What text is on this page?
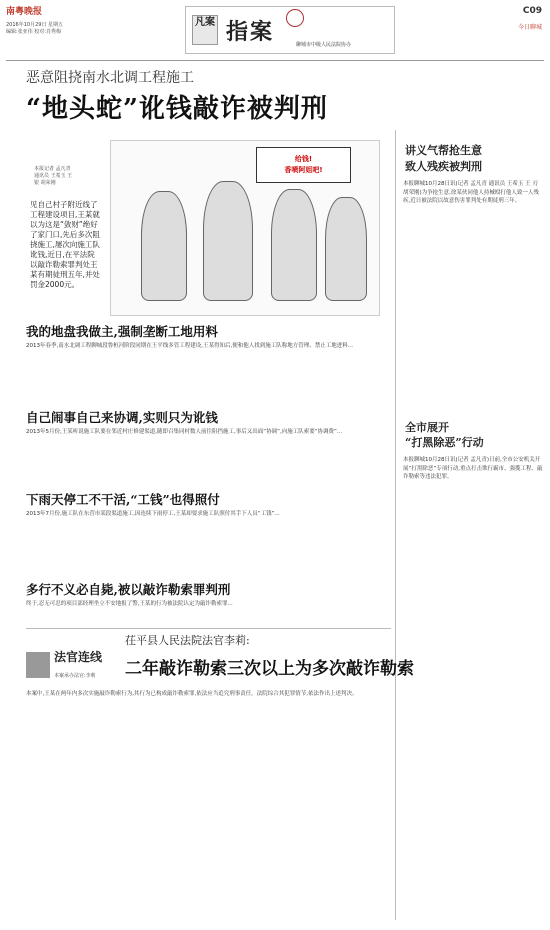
南粤晚报
2016年10月29日 星期五
编辑:张亚伟 校对:肖秀梅
凡案 指案	聊城市中级人民法院协办
C09
今日聊城
恶意阻挠南水北调工程施工
“地头蛇”讹钱敲诈被判刑
本报记者 孟凡青
通讯员 王希玉 王
银 胡荣刚
见自己村子附近线了工程建设项目,王某就以为这是“敛财”绝好了家门口,先后多次阻挠施工,屡次向施工队讹钱,近日,在平法院以敲诈勒索罪判处王某有期徒刑五年,并处罚金2000元。
给钱!
香喷阿姐吧!
讲义气帮抢生意
致人残疾被判刑
本报聊城10月28日讯(记者 孟凡青 通讯员 王希玉 王 刃 胡荣刚)为争抢生意,徐某伙同他人持械殴打他人致一人残疾,近日被法院以故意伤害罪判处有期徒刑三年。
全市展开
“打黑除恶”行动
本报聊城10月28日讯(记者 孟凡青)日前,全市公安机关开展“打黑除恶”专项行动,重点打击欺行霸市、强揽工程、敲诈勒索等违法犯罪。
我的地盘我做主,强制垄断工地用料
2013年春季,南水北调工程聊城段鲁桓河阶段同期在王平线多管工程建设,王某得知后,便和他人找到施工队称地方管理、禁止工地进料...
自己闹事自己来协调,实则只为讹钱
2013年5月份,王某听说施工队要在邻近村庄修建渠道,随即召集同村数人前往阻挡施工,事后又出面“协调”,向施工队索要“协调费”...
下雨天停工不干活,“工钱”也得照付
2013年7月份,施工队在东营市某段渠道施工,因连续下雨停工,王某却要求施工队照付其手下人员“工钱”...
多行不义必自毙,被以敲诈勒索罪判刑
终于,忍无可忍的项目部经理坐立不安地报了警,王某的行为被法院认定为敲诈勒索罪...
法官连线
本案承办法官:李莉
茌平县人民法院法官李莉:
二年敲诈勒索三次以上为多次敲诈勒索
本案中,王某在两年内多次实施敲诈勒索行为,其行为已构成敲诈勒索罪,依法应当追究刑事责任。法院综合其犯罪情节,依法作出上述判决。
